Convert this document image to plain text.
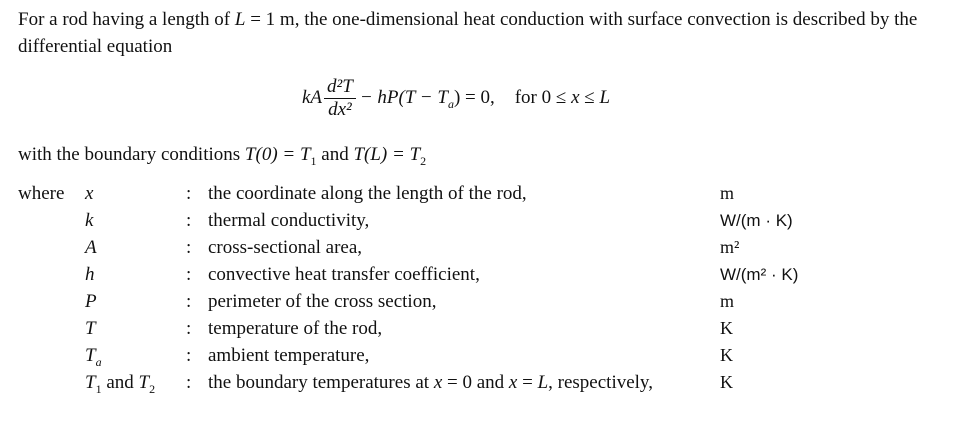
For a rod having a length of L = 1 m, the one-dimensional heat conduction with surface convection is described by the differential equation
kA $\frac{\text{d²T}}{\text{dx²}} - hP(T - T_a) = 0$, for 0 ≤ x ≤ L
with the boundary conditions $T(0) = T_1$ and $T(L) = T_2$
where x	: the coordinate along the length of the rod,	m
k	: thermal conductivity,	W/(m · K)
A	: cross-sectional area,	m²
h	: convective heat transfer coefficient,	W/(m² · K)
P	: perimeter of the cross section,	m
T	: temperature of the rod,	K
$T_a$	: ambient temperature,	K
$T_1$ and $T_2$ : the boundary temperatures at x = 0 and x = L, respectively,	K
